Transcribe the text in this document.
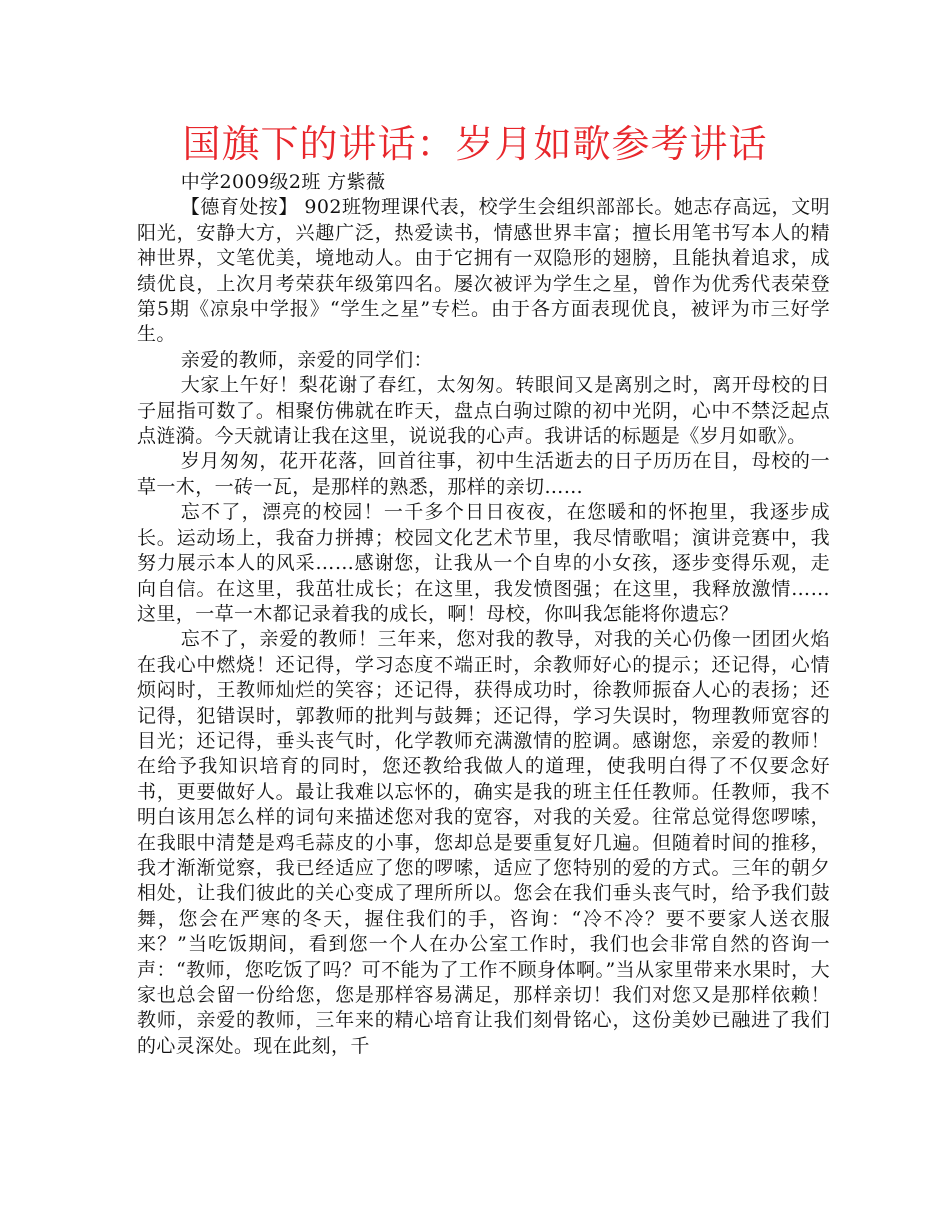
国旗下的讲话：岁月如歌参考讲话

中学2009级2班 方紫薇

【德育处按】 902班物理课代表，校学生会组织部部长。她志存高远，文明阳光，安静大方，兴趣广泛，热爱读书，情感世界丰富；擅长用笔书写本人的精神世界，文笔优美，境地动人。由于它拥有一双隐形的翅膀，且能执着追求，成绩优良，上次月考荣获年级第四名。屡次被评为学生之星，曾作为优秀代表荣登第5期《凉泉中学报》“学生之星”专栏。由于各方面表现优良，被评为市三好学生。

亲爱的教师，亲爱的同学们：

大家上午好！梨花谢了春红，太匆匆。转眼间又是离别之时，离开母校的日子屈指可数了。相聚仿佛就在昨天，盘点白驹过隙的初中光阴，心中不禁泛起点点涟漪。今天就请让我在这里，说说我的心声。我讲话的标题是《岁月如歌》。

岁月匆匆，花开花落，回首往事，初中生活逝去的日子历历在目，母校的一草一木，一砖一瓦，是那样的熟悉，那样的亲切……

忘不了，漂亮的校园！一千多个日日夜夜，在您暖和的怀抱里，我逐步成长。运动场上，我奋力拼搏；校园文化艺术节里，我尽情歌唱；演讲竞赛中，我努力展示本人的风采……感谢您，让我从一个自卑的小女孩，逐步变得乐观，走向自信。在这里，我茁壮成长；在这里，我发愤图强；在这里，我释放激情……这里，一草一木都记录着我的成长，啊！母校，你叫我怎能将你遗忘？

忘不了，亲爱的教师！三年来，您对我的教导，对我的关心仍像一团团火焰在我心中燃烧！还记得，学习态度不端正时，余教师好心的提示；还记得，心情烦闷时，王教师灿烂的笑容；还记得，获得成功时，徐教师振奋人心的表扬；还记得，犯错误时，郭教师的批判与鼓舞；还记得，学习失误时，物理教师宽容的目光；还记得，垂头丧气时，化学教师充满激情的腔调。感谢您，亲爱的教师！在给予我知识培育的同时，您还教给我做人的道理，使我明白得了不仅要念好书，更要做好人。最让我难以忘怀的，确实是我的班主任任教师。任教师，我不明白该用怎么样的词句来描述您对我的宽容，对我的关爱。往常总觉得您啰嗦，在我眼中清楚是鸡毛蒜皮的小事，您却总是要重复好几遍。但随着时间的推移，我才渐渐觉察，我已经适应了您的啰嗦，适应了您特别的爱的方式。三年的朝夕相处，让我们彼此的关心变成了理所所以。您会在我们垂头丧气时，给予我们鼓舞，您会在严寒的冬天，握住我们的手，咨询：“冷不冷？要不要家人送衣服来？”当吃饭期间，看到您一个人在办公室工作时，我们也会非常自然的咨询一声：“教师，您吃饭了吗？可不能为了工作不顾身体啊。”当从家里带来水果时，大家也总会留一份给您，您是那样容易满足，那样亲切！我们对您又是那样依赖！教师，亲爱的教师，三年来的精心培育让我们刻骨铭心，这份美妙已融进了我们的心灵深处。现在此刻，千
